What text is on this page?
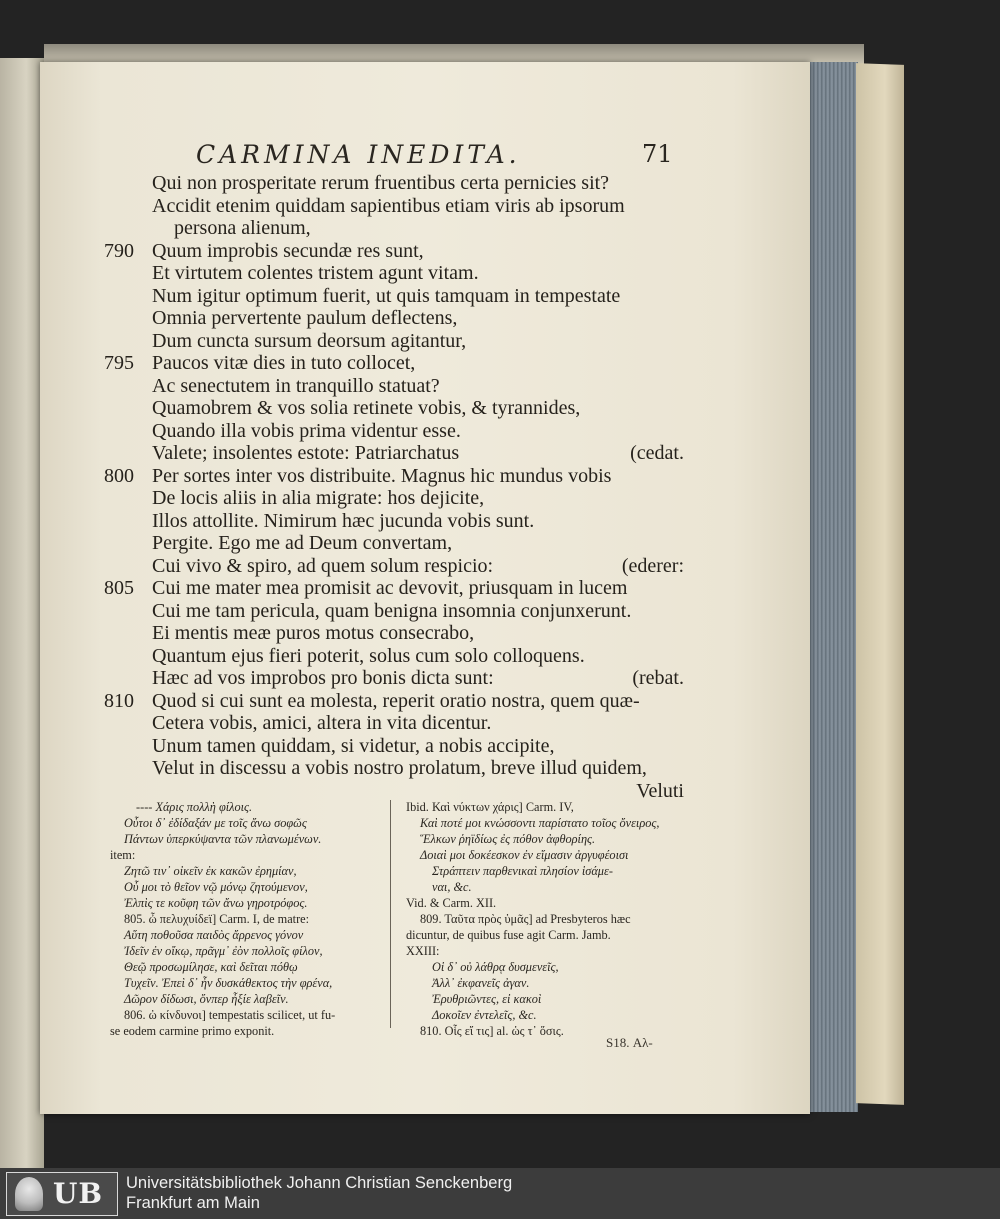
CARMINA INEDITA.	71
Qui non prosperitate rerum fruentibus certa pernicies sit?
Accidit etenim quiddam sapientibus etiam viris ab ipsorum
persona alienum,
790 Quum improbis secundæ res sunt,
Et virtutem colentes tristem agunt vitam.
Num igitur optimum fuerit, ut quis tamquam in tempestate
Omnia pervertente paulum deflectens,
Dum cuncta sursum deorsum agitantur,
795 Paucos vitæ dies in tuto collocet,
Ac senectutem in tranquillo statuat?
Quamobrem & vos solia retinete vobis, & tyrannides,
Quando illa vobis prima videntur esse.
Valete; insolentes estote: Patriarchatus	(cedat.
800 Per sortes inter vos distribuite. Magnus hic mundus vobis
De locis aliis in alia migrate: hos dejicite,
Illos attollite. Nimirum hæc jucunda vobis sunt.
Pergite. Ego me ad Deum convertam,
Cui vivo & spiro, ad quem solum respicio:	(ederer:
805 Cui me mater mea promisit ac devovit, priusquam in lucem
Cui me tam pericula, quam benigna insomnia conjunxerunt.
Ei mentis meæ puros motus consecrabo,
Quantum ejus fieri poterit, solus cum solo colloquens.
Hæc ad vos improbos pro bonis dicta sunt:	(rebat.
810 Quod si cui sunt ea molesta, reperit oratio nostra, quem quæ-
Cetera vobis, amici, altera in vita dicentur.
Unum tamen quiddam, si videtur, a nobis accipite,
Velut in discessu a vobis nostro prolatum, breve illud quidem,
Veluti
---- Χάρις πολλὴ φίλοις.
Οὗτοι δ᾽ ἐδίδαξάν με τοῖς ἄνω σοφῶς
Πάντων ὑπερκύψαντα τῶν πλανωμένων.
item:
Ζητῶ τιν᾽ οἰκεῖν ἐκ κακῶν ἐρημίαν,
Οὗ μοι τὸ θεῖον νῷ μόνῳ ζητούμενον,
Ἐλπὶς τε κοῦφη τῶν ἄνω γηροτρόφος.
805. ὦ πελυχυίδεϊ] Carm. I, de matre:
Αὕτη ποθοῦσα παιδὸς ἄρρενος γόνον
Ἰδεῖν ἐν οἴκῳ, πρᾶγμ᾽ ἐὸν πολλοῖς φίλον,
Θεῷ προσωμίλησε, καὶ δεῖται πόθῳ
Τυχεῖν. Ἐπεὶ δ᾽ ἦν δυσκάθεκτος τὴν φρένα,
Δῶρον δίδωσι, ὅνπερ ἦξίε λαβεῖν.
806. ὠ κίνδυνοι] tempestatis scilicet, ut fu-
se eodem carmine primo exponit.
Ibid. Καὶ νύκτων χάρις] Carm. IV,
Καὶ ποτέ μοι κνώσσοντι παρίστατο τοῖος ὄνειρος,
Ἕλκων ῥηϊδίως ἐς πόθον ἀφθορίης.
Δοιαὶ μοι δοκέεσκον ἐν εἵμασιν ἀργυφέοισι
Στράπτειν παρθενικαὶ πλησίον ἱσάμε-
ναι, &c.
Vid. & Carm. XII.
809. Ταῦτα πρὸς ὑμᾶς] ad Presbyteros hæc
dicuntur, de quibus fuse agit Carm. Jamb.
XXIII:
Οἱ δ᾽ οὐ λάθρᾳ δυσμενεῖς,
Ἀλλ᾽ ἐκφανεῖς ἀγαν.
Ἐρυθριῶντες, εἰ κακοὶ
Δοκοῖεν ἐντελεῖς, &c.
810. Οἷς εἴ τις] al. ὡς τ᾽ ὅσις.
S18. Αλ-
UB Universitätsbibliothek Johann Christian Senckenberg
Frankfurt am Main
